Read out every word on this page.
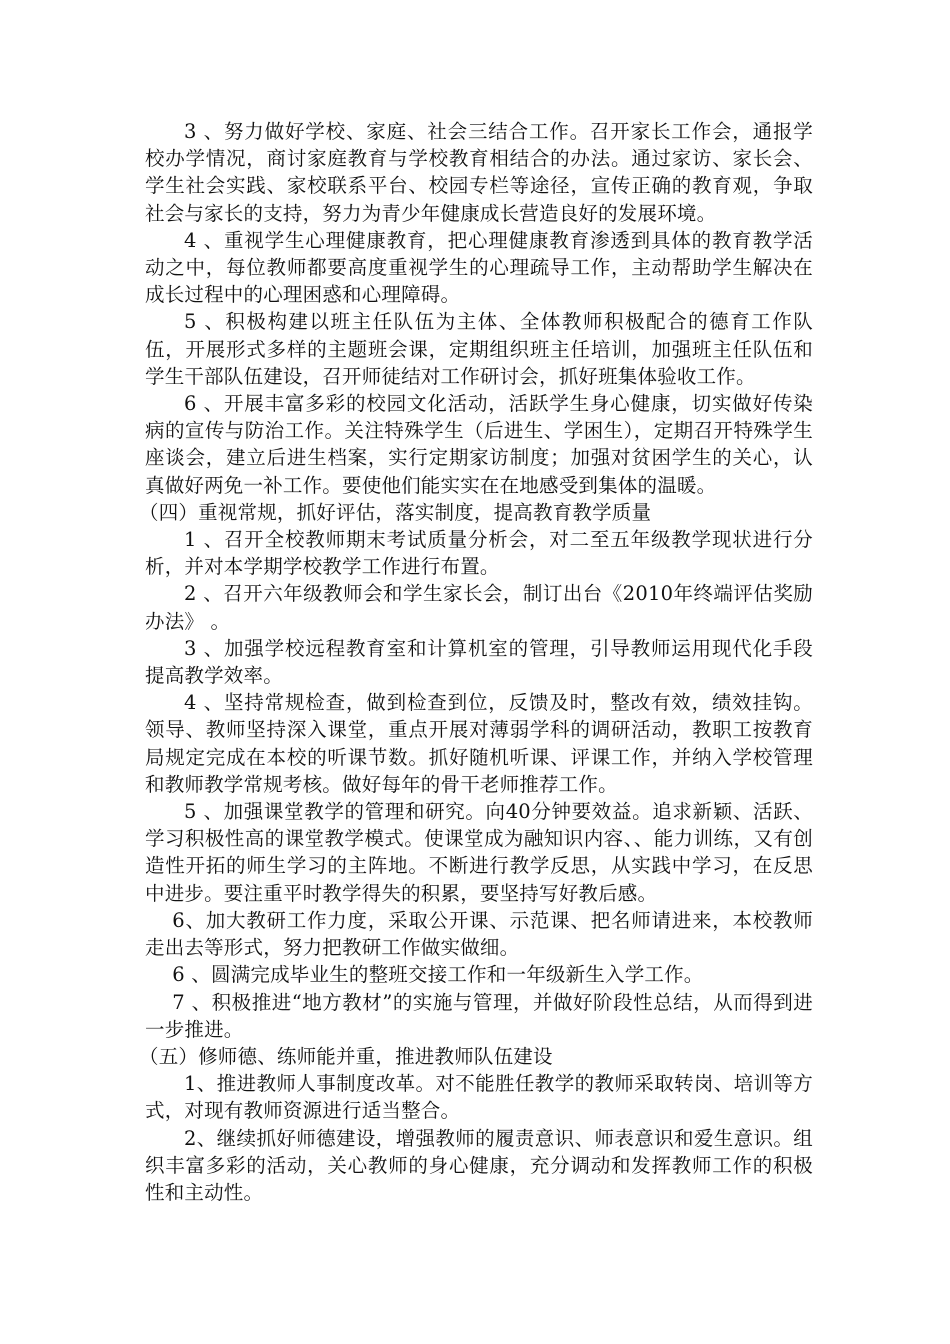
3 、努力做好学校、家庭、社会三结合工作。召开家长工作会，通报学校办学情况，商讨家庭教育与学校教育相结合的办法。通过家访、家长会、学生社会实践、家校联系平台、校园专栏等途径，宣传正确的教育观，争取社会与家长的支持，努力为青少年健康成长营造良好的发展环境。

4 、重视学生心理健康教育，把心理健康教育渗透到具体的教育教学活动之中，每位教师都要高度重视学生的心理疏导工作，主动帮助学生解决在成长过程中的心理困惑和心理障碍。

5 、积极构建以班主任队伍为主体、全体教师积极配合的德育工作队伍，开展形式多样的主题班会课，定期组织班主任培训，加强班主任队伍和学生干部队伍建设，召开师徒结对工作研讨会，抓好班集体验收工作。

6 、开展丰富多彩的校园文化活动，活跃学生身心健康，切实做好传染病的宣传与防治工作。关注特殊学生（后进生、学困生），定期召开特殊学生座谈会，建立后进生档案，实行定期家访制度；加强对贫困学生的关心，认真做好两免一补工作。要使他们能实实在在地感受到集体的温暖。

（四）重视常规，抓好评估，落实制度，提高教育教学质量

1 、召开全校教师期末考试质量分析会，对二至五年级教学现状进行分析，并对本学期学校教学工作进行布置。

2 、召开六年级教师会和学生家长会，制订出台《2010年终端评估奖励办法》 。

3 、加强学校远程教育室和计算机室的管理，引导教师运用现代化手段提高教学效率。

4 、坚持常规检查，做到检查到位，反馈及时，整改有效，绩效挂钩。领导、教师坚持深入课堂，重点开展对薄弱学科的调研活动，教职工按教育局规定完成在本校的听课节数。抓好随机听课、评课工作，并纳入学校管理和教师教学常规考核。做好每年的骨干老师推荐工作。

5 、加强课堂教学的管理和研究。向40分钟要效益。追求新颖、活跃、学习积极性高的课堂教学模式。使课堂成为融知识内容、、能力训练，又有创造性开拓的师生学习的主阵地。不断进行教学反思，从实践中学习，在反思中进步。要注重平时教学得失的积累，要坚持写好教后感。

6、加大教研工作力度，采取公开课、示范课、把名师请进来，本校教师走出去等形式，努力把教研工作做实做细。

6 、圆满完成毕业生的整班交接工作和一年级新生入学工作。

7 、积极推进“地方教材”的实施与管理，并做好阶段性总结，从而得到进一步推进。

（五）修师德、练师能并重，推进教师队伍建设

1、推进教师人事制度改革。对不能胜任教学的教师采取转岗、培训等方式，对现有教师资源进行适当整合。

2、继续抓好师德建设，增强教师的履责意识、师表意识和爱生意识。组织丰富多彩的活动，关心教师的身心健康，充分调动和发挥教师工作的积极性和主动性。
